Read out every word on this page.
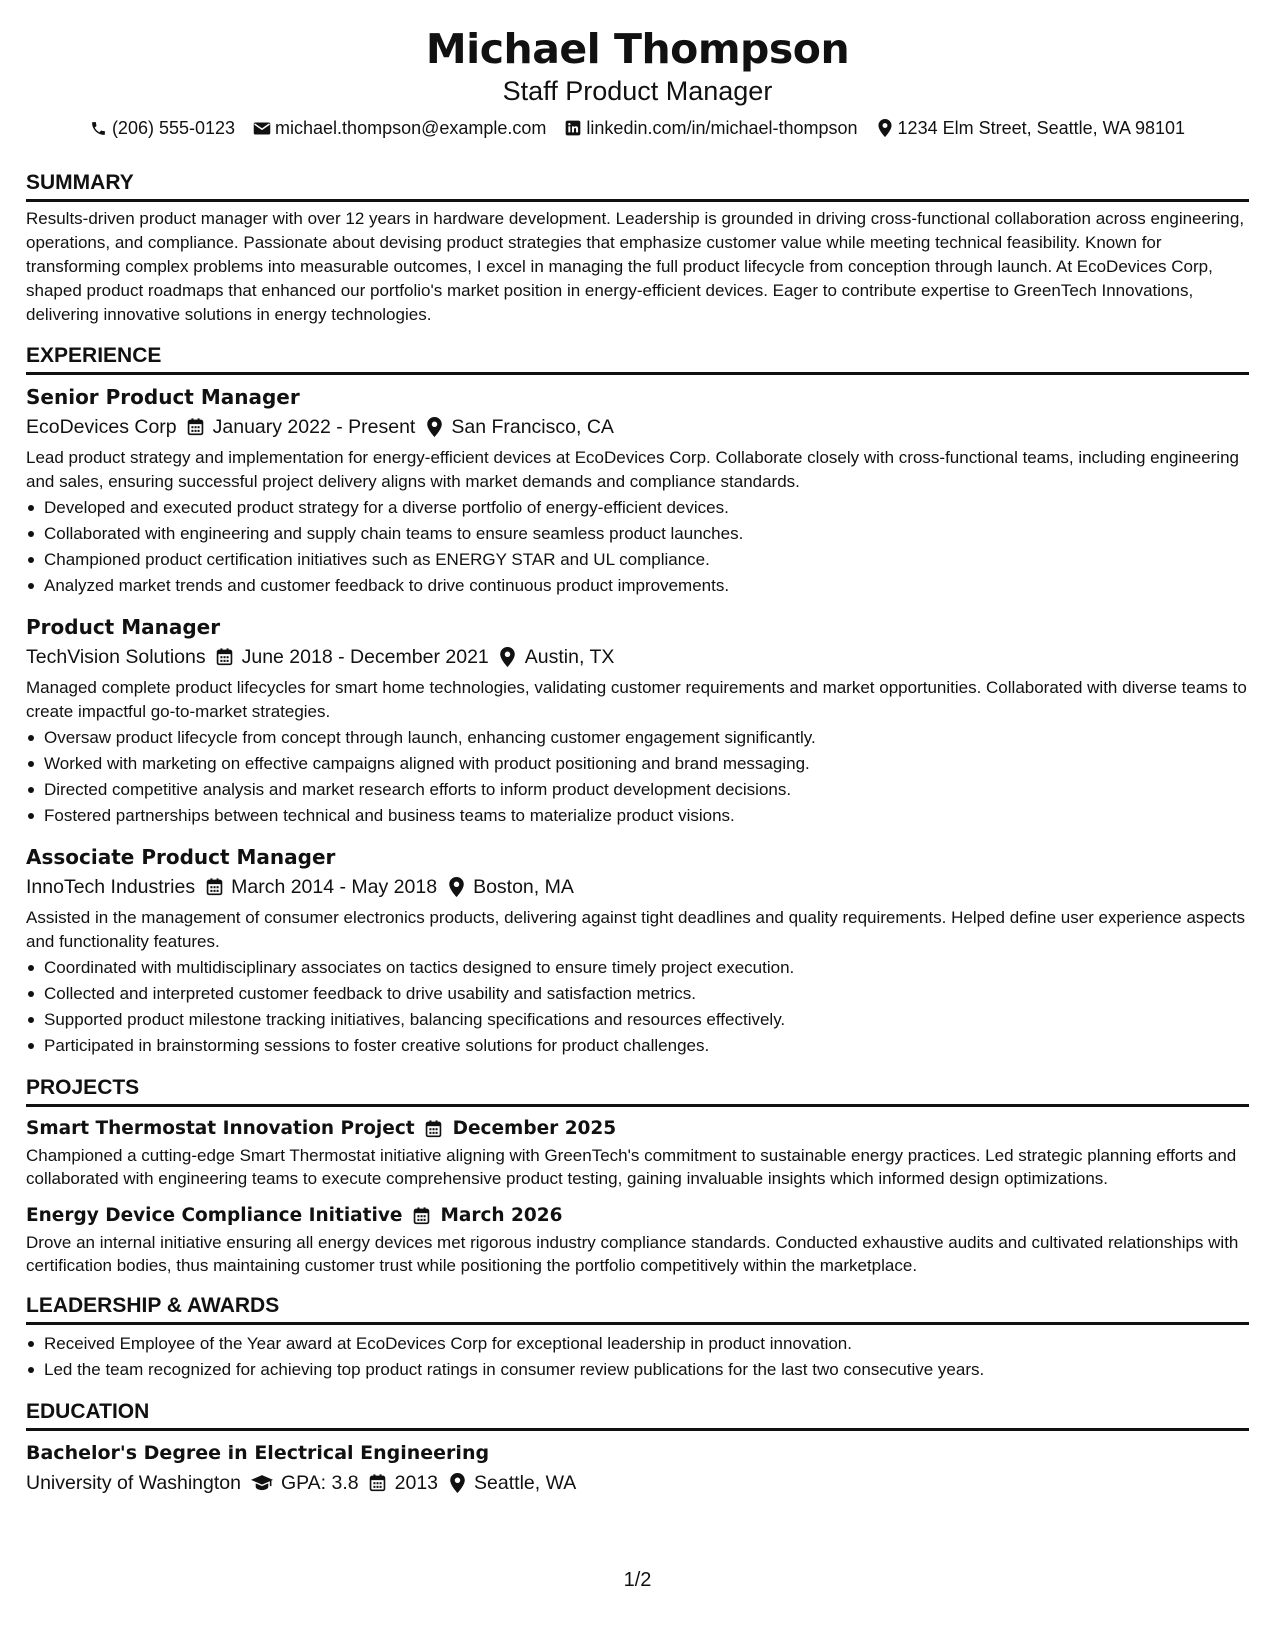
Michael Thompson
Staff Product Manager
(206) 555-0123 michael.thompson@example.com linkedin.com/in/michael-thompson 1234 Elm Street, Seattle, WA 98101
SUMMARY

Results-driven product manager with over 12 years in hardware development. Leadership is grounded in driving cross-functional collaboration across engineering, operations, and compliance. Passionate about devising product strategies that emphasize customer value while meeting technical feasibility. Known for transforming complex problems into measurable outcomes, I excel in managing the full product lifecycle from conception through launch. At EcoDevices Corp, shaped product roadmaps that enhanced our portfolio's market position in energy-efficient devices. Eager to contribute expertise to GreenTech Innovations, delivering innovative solutions in energy technologies.

EXPERIENCE
Senior Product Manager
EcoDevices Corp January 2022 - Present San Francisco, CA

Lead product strategy and implementation for energy-efficient devices at EcoDevices Corp. Collaborate closely with cross-functional teams, including engineering and sales, ensuring successful project delivery aligns with market demands and compliance standards.

Developed and executed product strategy for a diverse portfolio of energy-efficient devices.
Collaborated with engineering and supply chain teams to ensure seamless product launches.
Championed product certification initiatives such as ENERGY STAR and UL compliance.
Analyzed market trends and customer feedback to drive continuous product improvements.
Product Manager
TechVision Solutions June 2018 - December 2021 Austin, TX

Managed complete product lifecycles for smart home technologies, validating customer requirements and market opportunities. Collaborated with diverse teams to create impactful go-to-market strategies.

Oversaw product lifecycle from concept through launch, enhancing customer engagement significantly.
Worked with marketing on effective campaigns aligned with product positioning and brand messaging.
Directed competitive analysis and market research efforts to inform product development decisions.
Fostered partnerships between technical and business teams to materialize product visions.
Associate Product Manager
InnoTech Industries March 2014 - May 2018 Boston, MA

Assisted in the management of consumer electronics products, delivering against tight deadlines and quality requirements. Helped define user experience aspects and functionality features.

Coordinated with multidisciplinary associates on tactics designed to ensure timely project execution.
Collected and interpreted customer feedback to drive usability and satisfaction metrics.
Supported product milestone tracking initiatives, balancing specifications and resources effectively.
Participated in brainstorming sessions to foster creative solutions for product challenges.
PROJECTS
Smart Thermostat Innovation Project December 2025

Championed a cutting-edge Smart Thermostat initiative aligning with GreenTech's commitment to sustainable energy practices. Led strategic planning efforts and collaborated with engineering teams to execute comprehensive product testing, gaining invaluable insights which informed design optimizations.

Energy Device Compliance Initiative March 2026

Drove an internal initiative ensuring all energy devices met rigorous industry compliance standards. Conducted exhaustive audits and cultivated relationships with certification bodies, thus maintaining customer trust while positioning the portfolio competitively within the marketplace.

LEADERSHIP & AWARDS
Received Employee of the Year award at EcoDevices Corp for exceptional leadership in product innovation.
Led the team recognized for achieving top product ratings in consumer review publications for the last two consecutive years.
EDUCATION
Bachelor's Degree in Electrical Engineering
University of Washington GPA: 3.8 2013 Seattle, WA
1/2
